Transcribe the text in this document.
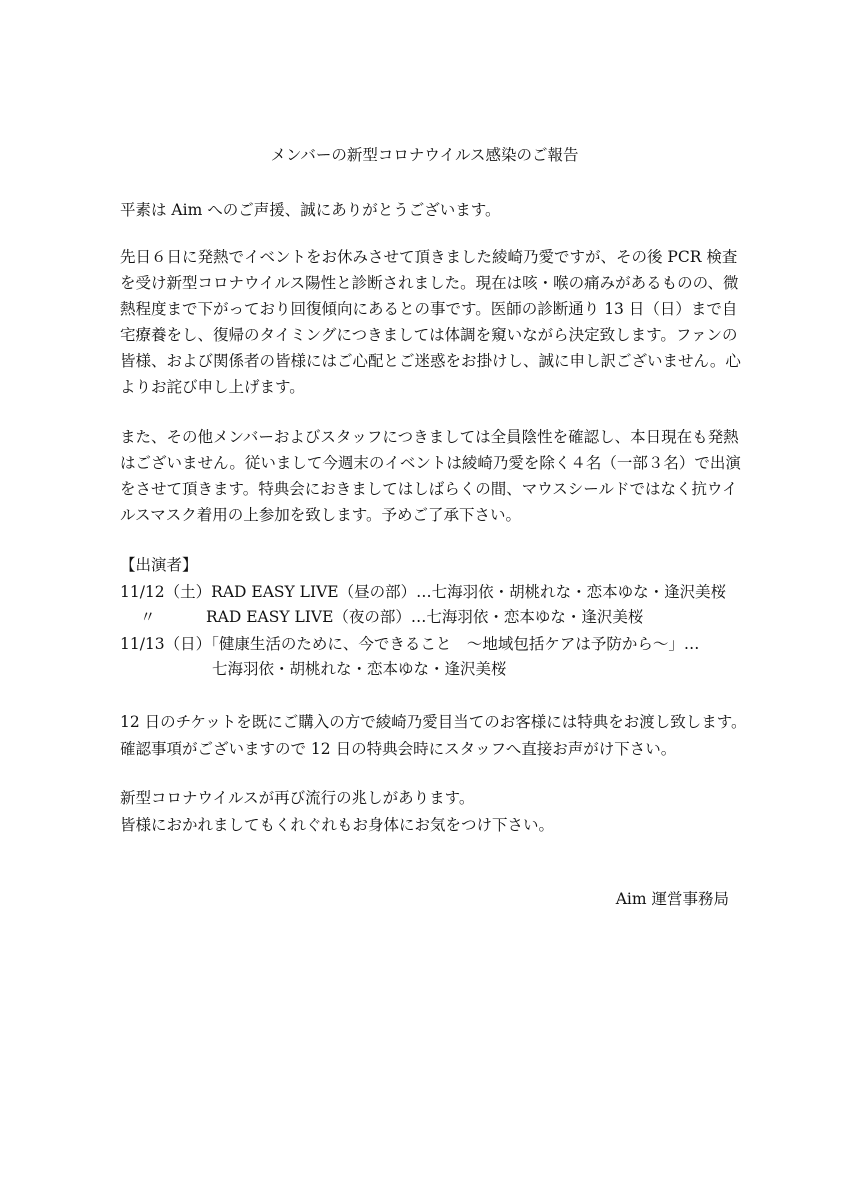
メンバーの新型コロナウイルス感染のご報告
平素は Aim へのご声援、誠にありがとうございます。
先日６日に発熱でイベントをお休みさせて頂きました綾崎乃愛ですが、その後 PCR 検査
を受け新型コロナウイルス陽性と診断されました。現在は咳・喉の痛みがあるものの、微
熱程度まで下がっており回復傾向にあるとの事です。医師の診断通り 13 日（日）まで自
宅療養をし、復帰のタイミングにつきましては体調を窺いながら決定致します。ファンの
皆様、および関係者の皆様にはご心配とご迷惑をお掛けし、誠に申し訳ございません。心
よりお詫び申し上げます。
また、その他メンバーおよびスタッフにつきましては全員陰性を確認し、本日現在も発熱
はございません。従いまして今週末のイベントは綾崎乃愛を除く４名（一部３名）で出演
をさせて頂きます。特典会におきましてはしばらくの間、マウスシールドではなく抗ウイ
ルスマスク着用の上参加を致します。予めご了承下さい。
【出演者】
11/12（土）RAD EASY LIVE（昼の部）…七海羽依・胡桃れな・恋本ゆな・逢沢美桜
〃	RAD EASY LIVE（夜の部）…七海羽依・恋本ゆな・逢沢美桜
11/13（日）「健康生活のために、今できること　～地域包括ケアは予防から～」…
七海羽依・胡桃れな・恋本ゆな・逢沢美桜
12 日のチケットを既にご購入の方で綾崎乃愛目当てのお客様には特典をお渡し致します。
確認事項がございますので 12 日の特典会時にスタッフへ直接お声がけ下さい。
新型コロナウイルスが再び流行の兆しがあります。
皆様におかれましてもくれぐれもお身体にお気をつけ下さい。
Aim 運営事務局
